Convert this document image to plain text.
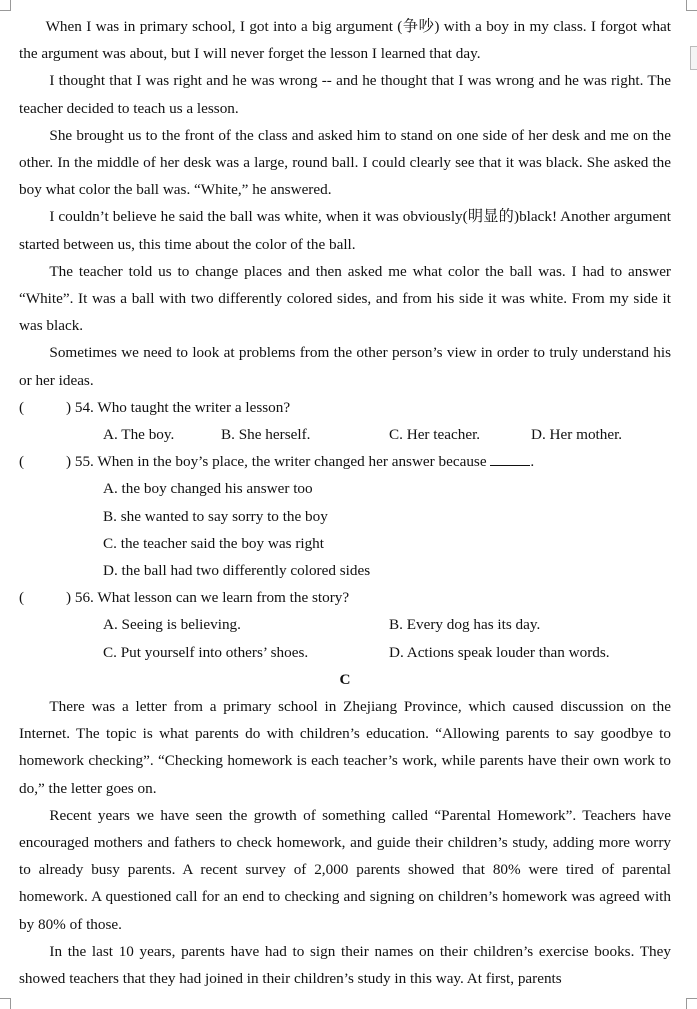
When I was in primary school, I got into a big argument (争吵) with a boy in my class. I forgot what the argument was about, but I will never forget the lesson I learned that day.

I thought that I was right and he was wrong -- and he thought that I was wrong and he was right. The teacher decided to teach us a lesson.

She brought us to the front of the class and asked him to stand on one side of her desk and me on the other. In the middle of her desk was a large, round ball. I could clearly see that it was black. She asked the boy what color the ball was. “White,” he answered.

I couldn’t believe he said the ball was white, when it was obviously(明显的)black! Another argument started between us, this time about the color of the ball.

The teacher told us to change places and then asked me what color the ball was. I had to answer “White”. It was a ball with two differently colored sides, and from his side it was white. From my side it was black.

Sometimes we need to look at problems from the other person’s view in order to truly understand his or her ideas.

(	) 54. Who taught the writer a lesson?
A. The boy.	B. She herself.	C. Her teacher.	D. Her mother.
(	) 55. When in the boy’s place, the writer changed her answer because	.
A. the boy changed his answer too
B. she wanted to say sorry to the boy
C. the teacher said the boy was right
D. the ball had two differently colored sides
(	) 56. What lesson can we learn from the story?
A. Seeing is believing.	B. Every dog has its day.
C. Put yourself into others’ shoes.	D. Actions speak louder than words.
C

There was a letter from a primary school in Zhejiang Province, which caused discussion on the Internet. The topic is what parents do with children’s education. “Allowing parents to say goodbye to homework checking”. “Checking homework is each teacher’s work, while parents have their own work to do,” the letter goes on.

Recent years we have seen the growth of something called “Parental Homework”. Teachers have encouraged mothers and fathers to check homework, and guide their children’s study, adding more worry to already busy parents. A recent survey of 2,000 parents showed that 80% were tired of parental homework. A questioned call for an end to checking and signing on children’s homework was agreed with by 80% of those.

In the last 10 years, parents have had to sign their names on their children’s exercise books. They showed teachers that they had joined in their children’s study in this way. At first, parents
